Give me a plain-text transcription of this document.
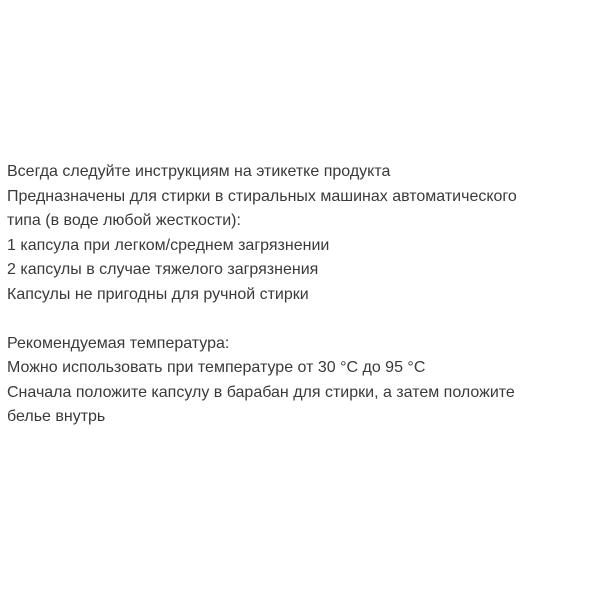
Всегда следуйте инструкциям на этикетке продукта
Предназначены для стирки в стиральных машинах автоматического
типа (в воде любой жесткости):
1 капсула при легком/среднем загрязнении
2 капсулы в случае тяжелого загрязнения
Капсулы не пригодны для ручной стирки

Рекомендуемая температура:
Можно использовать при температуре от 30 °С до 95 °С
Сначала положите капсулу в барабан для стирки, а затем положите
белье внутрь
